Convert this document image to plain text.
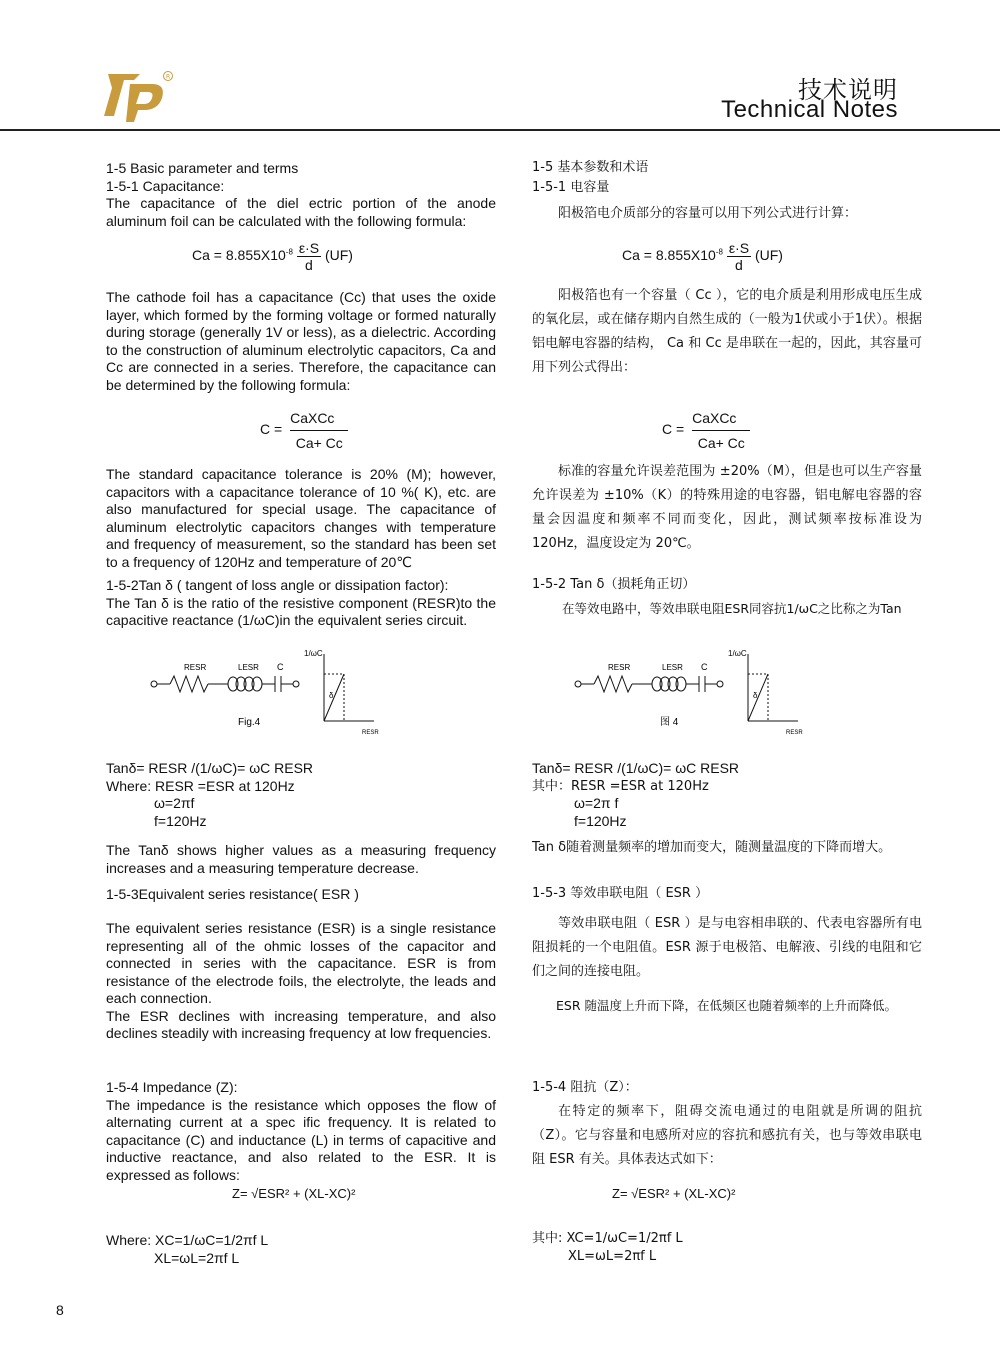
R	技术说明
Technical Notes

1-5 Basic parameter and terms

1-5-1 Capacitance:

The capacitance of the diel ectric portion of the anode aluminum foil can be calculated with the following formula:

$Ca = 8.855X10^{-8} \frac{\varepsilon\cdot S}{d} (UF)$

The cathode foil has a capacitance (Cc) that uses the oxide layer, which formed by the forming voltage or formed naturally during storage (generally 1V or less), as a dielectric. According to the construction of aluminum electrolytic capacitors, Ca and Cc are connected in a series. Therefore, the capacitance can be determined by the following formula:

$C = \frac{\text{CaXCc}}{Ca+ Cc}$

The standard capacitance tolerance is 20% (M); however, capacitors with a capacitance tolerance of 10 %( K), etc. are also manufactured for special usage. The capacitance of aluminum electrolytic capacitors changes with temperature and frequency of measurement, so the standard has been set to a frequency of 120Hz and temperature of 20℃

1-5-2Tan δ ( tangent of loss angle or dissipation factor):

The Tan δ is the ratio of the resistive component (RESR)to the capacitive reactance (1/ωC)in the equivalent series circuit.

RESR	LESR C
1/ωC
RESR
δ
Fig.4

Tanδ= RESR /(1/ωC)= ωC RESR

Where: RESR =ESR at 120Hz

ω=2πf

f=120Hz

The Tanδ shows higher values as a measuring frequency increases and a measuring temperature decrease.

1-5-3Equivalent series resistance( ESR )

The equivalent series resistance (ESR) is a single resistance representing all of the ohmic losses of the capacitor and connected in series with the capacitance. ESR is from resistance of the electrode foils, the electrolyte, the leads and each connection.

The ESR declines with increasing temperature, and also declines steadily with increasing frequency at low frequencies.

1-5-4 Impedance (Z):

The impedance is the resistance which opposes the flow of alternating current at a spec ific frequency. It is related to capacitance (C) and inductance (L) in terms of capacitive and inductive reactance, and also related to the ESR. It is expressed as follows:

Z= √ESR² + (XL-XC)²

Where: XC=1/ωC=1/2πf L

XL=ωL=2πf L

1-5 基本参数和术语

1-5-1 电容量

阳极箔电介质部分的容量可以用下列公式进行计算：

$Ca = 8.855X10^{-8} \frac{\varepsilon\cdot S}{d} (UF)$

阳极箔也有一个容量（ Cc ），它的电介质是利用形成电压生成的氧化层，或在储存期内自然生成的（一般为1伏或小于1伏）。根据铝电解电容器的结构， Ca 和 Cc 是串联在一起的，因此，其容量可用下列公式得出：

$C = \frac{\text{CaXCc}}{Ca+ Cc}$

标准的容量允许误差范围为 ±20%（M），但是也可以生产容量允许误差为 ±10%（K）的特殊用途的电容器，铝电解电容器的容量会因温度和频率不同而变化，因此，测试频率按标准设为 120Hz，温度设定为 20℃。

1-5-2 Tan δ（损耗角正切）

在等效电路中，等效串联电阻ESR同容抗1/ωC之比称之为Tan

RESR	LESR C
1/ωC
RESR
δ
图 4

Tanδ= RESR /(1/ωC)= ωC RESR

其中：RESR =ESR at 120Hz

ω=2π f

f=120Hz

Tan δ随着测量频率的增加而变大，随测量温度的下降而增大。

1-5-3 等效串联电阻（ ESR ）

等效串联电阻（ ESR ）是与电容相串联的、代表电容器所有电阻损耗的一个电阻值。ESR 源于电极箔、电解液、引线的电阻和它们之间的连接电阻。

ESR 随温度上升而下降，在低频区也随着频率的上升而降低。

1-5-4 阻抗（Z）：

在特定的频率下，阻碍交流电通过的电阻就是所调的阻抗（Z）。它与容量和电感所对应的容抗和感抗有关，也与等效串联电阻 ESR 有关。具体表达式如下：

Z= √ESR² + (XL-XC)²

其中: XC=1/ωC=1/2πf L

XL=ωL=2πf L

8
